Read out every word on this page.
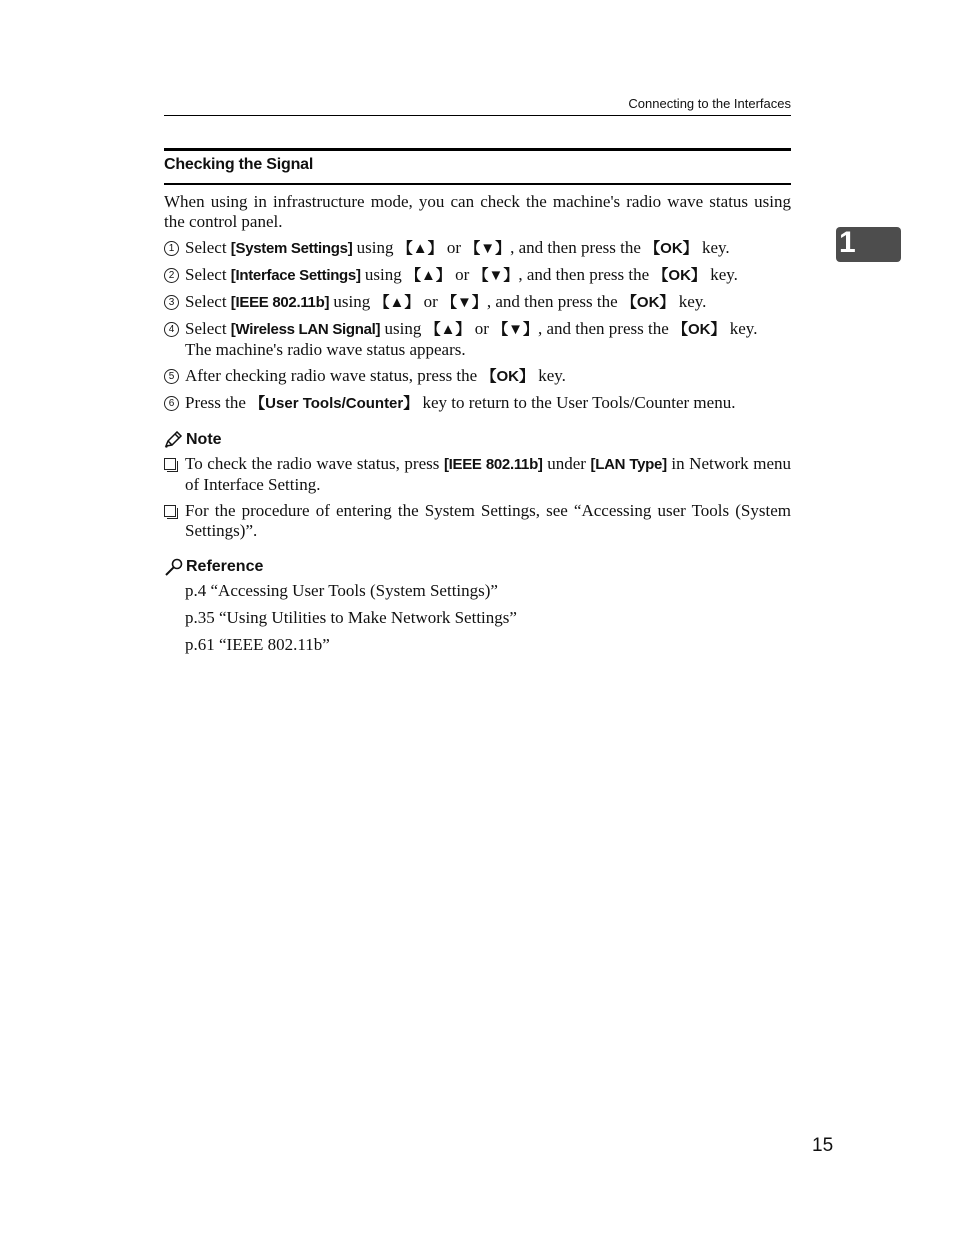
Connecting to the Interfaces
Checking the Signal
1

When using in infrastructure mode, you can check the machine's radio wave status using the control panel.

1 Select [System Settings] using 【▲】 or 【▼】, and then press the 【OK】 key.
2 Select [Interface Settings] using 【▲】 or 【▼】, and then press the 【OK】 key.
3 Select [IEEE 802.11b] using 【▲】 or 【▼】, and then press the 【OK】 key.
4 Select [Wireless LAN Signal] using 【▲】 or 【▼】, and then press the 【OK】 key.
The machine's radio wave status appears.
5 After checking radio wave status, press the 【OK】 key.
6 Press the 【User Tools/Counter】 key to return to the User Tools/Counter menu.
Note
To check the radio wave status, press [IEEE 802.11b] under [LAN Type] in Network menu of Interface Setting.
For the procedure of entering the System Settings, see “Accessing user Tools (System Settings)”.
Reference
p.4 “Accessing User Tools (System Settings)”
p.35 “Using Utilities to Make Network Settings”
p.61 “IEEE 802.11b”
15
